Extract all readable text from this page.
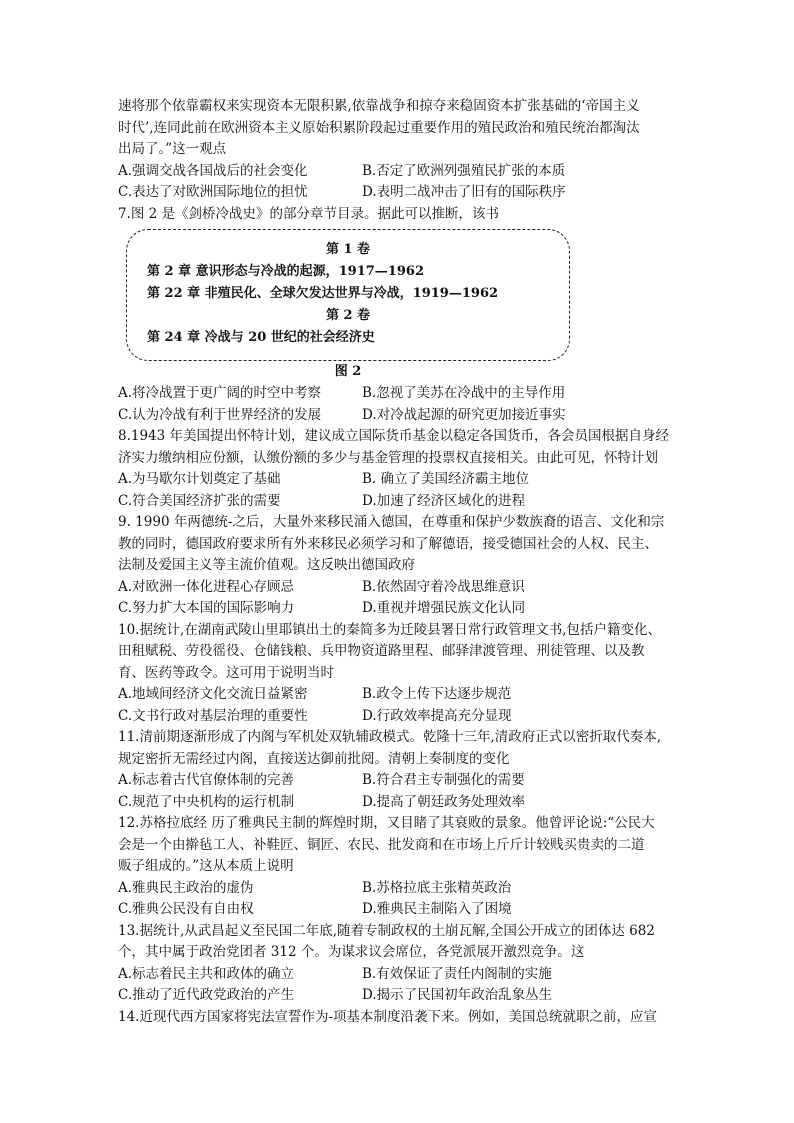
速将那个依靠霸权来实现资本无限积累,依靠战争和掠夺来稳固资本扩张基础的‘帝国主义
时代’,连同此前在欧洲资本主义原始积累阶段起过重要作用的殖民政治和殖民统治都淘汰
出局了。”这一观点
A.强调交战各国战后的社会变化	B.否定了欧洲列强殖民扩张的本质
C.表达了对欧洲国际地位的担忧	D.表明二战冲击了旧有的国际秩序
7.图 2 是《剑桥冷战史》的部分章节目录。据此可以推断，该书
第 1 卷
第 2 章 意识形态与冷战的起源，1917—1962
第 22 章 非殖民化、全球欠发达世界与冷战，1919—1962
第 2 卷
第 24 章 冷战与 20 世纪的社会经济史
图 2
A.将冷战置于更广阔的时空中考察	B.忽视了美苏在冷战中的主导作用
C.认为冷战有利于世界经济的发展	D.对冷战起源的研究更加接近事实
8.1943 年美国提出怀特计划，建议成立国际货币基金以稳定各国货币，各会员国根据自身经
济实力缴纳相应份额，认缴份额的多少与基金管理的投票权直接相关。由此可见，怀特计划
A.为马歇尔计划奠定了基础	B. 确立了美国经济霸主地位
C.符合美国经济扩张的需要	D.加速了经济区域化的进程
9. 1990 年两德统-之后，大量外来移民涌入德国，在尊重和保护少数族裔的语言、文化和宗
教的同时，德国政府要求所有外来移民必须学习和了解德语，接受德国社会的人权、民主、
法制及爱国主义等主流价值观。这反映出德国政府
A.对欧洲一体化进程心存顾忌	B.依然固守着冷战思维意识
C.努力扩大本国的国际影响力	D.重视并增强民族文化认同
10.据统计,在湖南武陵山里耶镇出土的秦简多为迁陵县署日常行政管理文书,包括户籍变化、
田租赋税、劳役徭役、仓储钱粮、兵甲物资道路里程、邮驿津渡管理、刑徒管理、以及教
育、医药等政令。这可用于说明当时
A.地域间经济文化交流日益紧密	B.政令上传下达逐步规范
C.文书行政对基层治理的重要性	D.行政效率提高充分显现
11.清前期逐渐形成了内阁与军机处双轨辅政模式。乾隆十三年,清政府正式以密折取代奏本,
规定密折无需经过内阁，直接送达御前批阅。清朝上奏制度的变化
A.标志着古代官僚体制的完善	B.符合君主专制强化的需要
C.规范了中央机构的运行机制	D.提高了朝廷政务处理效率
12.苏格拉底经 历了雅典民主制的辉煌时期，又目睹了其衰败的景象。他曾评论说:“公民大
会是一个由擀毡工人、补鞋匠、铜匠、农民、批发商和在市场上斤斤计较贱买贵卖的二道
贩子组成的。”这从本质上说明
A.雅典民主政治的虚伪	B.苏格拉底主张精英政治
C.雅典公民没有自由权	D.雅典民主制陷入了困境
13.据统计,从武昌起义至民国二年底,随着专制政权的土崩瓦解,全国公开成立的团体达 682
个，其中属于政治党团者 312 个。为谋求议会席位，各党派展开激烈竞争。这
A.标志着民主共和政体的确立	B.有效保证了责任内阁制的实施
C.推动了近代政党政治的产生	D.揭示了民国初年政治乱象丛生
14.近现代西方国家将宪法宣誓作为-项基本制度沿袭下来。例如，美国总统就职之前，应宣
